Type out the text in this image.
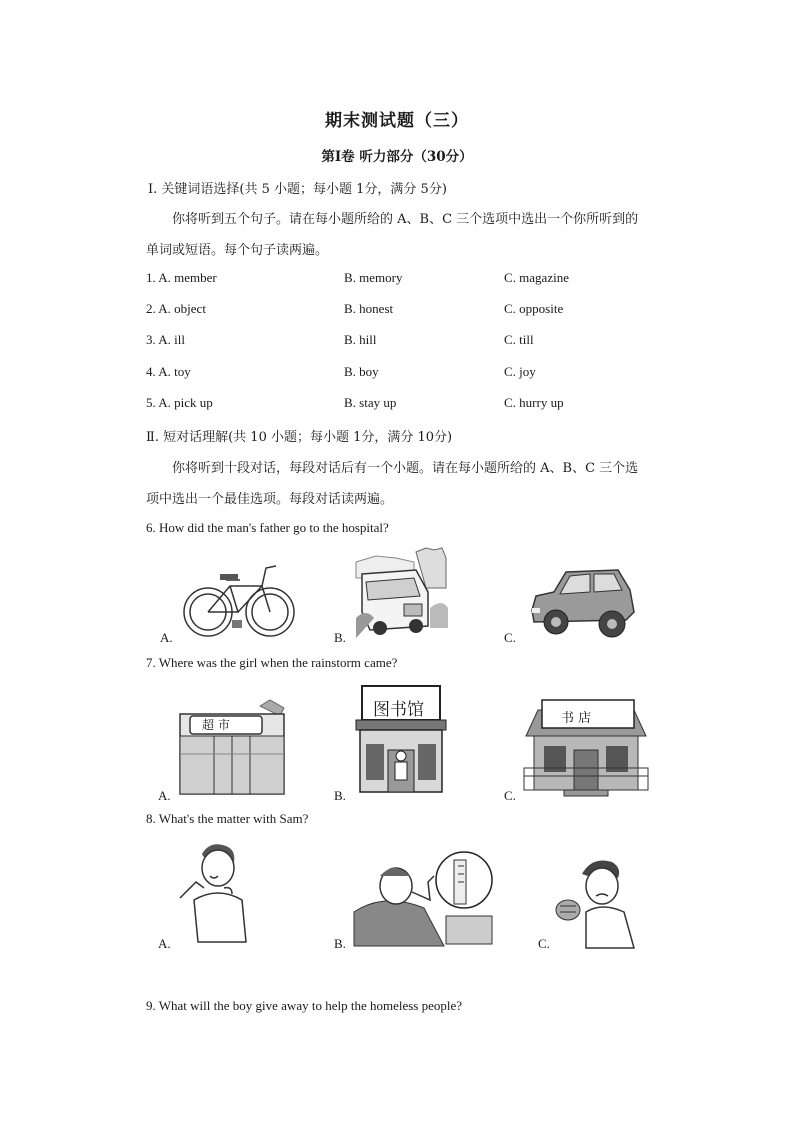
期末测试题（三）
第Ⅰ卷 听力部分（30分）
Ⅰ. 关键词语选择(共 5 小题；每小题 1分，满分 5分)
你将听到五个句子。请在每小题所给的 A、B、C 三个选项中选出一个你所听到的
单词或短语。每个句子读两遍。
1. A. member	B. memory	C. magazine
2. A. object	B. honest	C. opposite
3. A. ill	B. hill	C. till
4. A. toy	B. boy	C. joy
5. A. pick up	B. stay up	C. hurry up
Ⅱ. 短对话理解(共 10 小题；每小题 1分，满分 10分)
你将听到十段对话，每段对话后有一个小题。请在每小题所给的 A、B、C 三个选
项中选出一个最佳选项。每段对话读两遍。
6. How did the man's father go to the hospital?
A.	B.	C.
7. Where was the girl when the rainstorm came?
超 市
A.
图书馆
B.
书 店
C.
8. What's the matter with Sam?
A.	B.	C.
9. What will the boy give away to help the homeless people?
